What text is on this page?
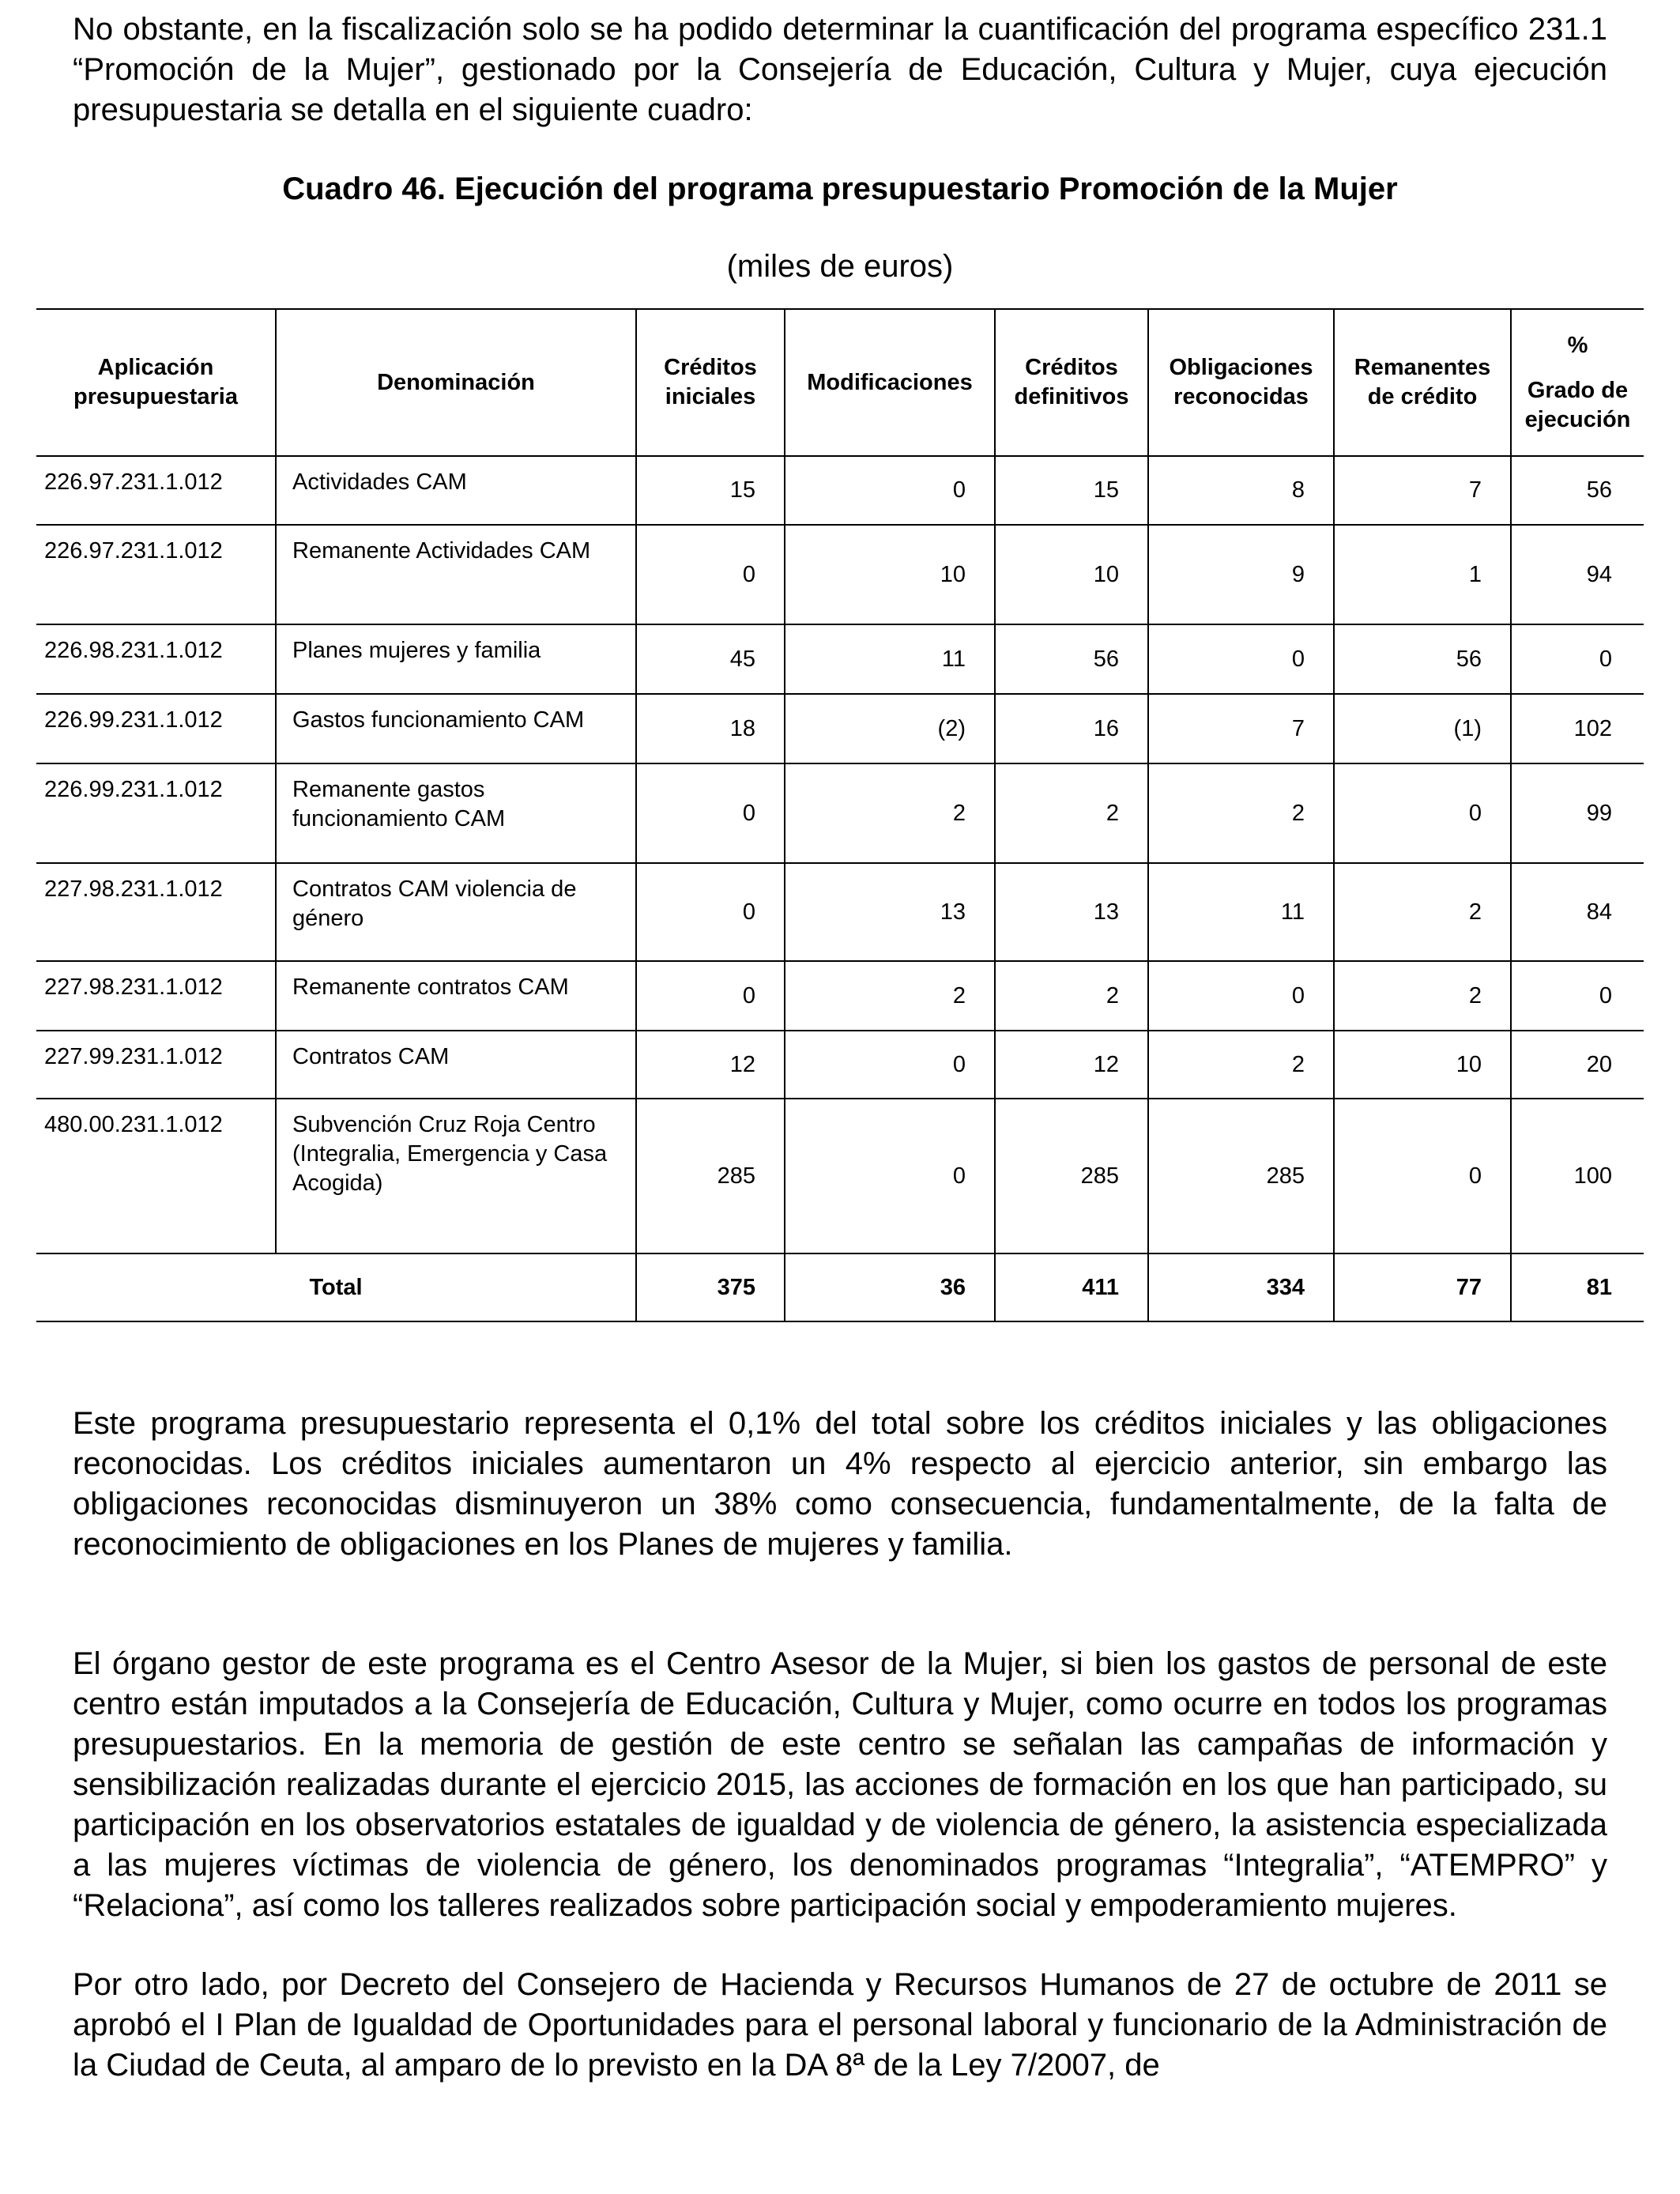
No obstante, en la fiscalización solo se ha podido determinar la cuantificación del programa específico 231.1 “Promoción de la Mujer”, gestionado por la Consejería de Educación, Cultura y Mujer, cuya ejecución presupuestaria se detalla en el siguiente cuadro:

Cuadro 46. Ejecución del programa presupuestario Promoción de la Mujer

(miles de euros)

Aplicación presupuestaria	Denominación	Créditos iniciales	Modificaciones	Créditos definitivos	Obligaciones reconocidas	Remanentes de crédito	%
Grado de ejecución
226.97.231.1.012	Actividades CAM	15	0	15	8	7	56
226.97.231.1.012	Remanente Actividades CAM	0	10	10	9	1	94
226.98.231.1.012	Planes mujeres y familia	45	11	56	0	56	0
226.99.231.1.012	Gastos funcionamiento CAM	18	(2)	16	7	(1)	102
226.99.231.1.012	Remanente gastos funcionamiento CAM	0	2	2	2	0	99
227.98.231.1.012	Contratos CAM violencia de género	0	13	13	11	2	84
227.98.231.1.012	Remanente contratos CAM	0	2	2	0	2	0
227.99.231.1.012	Contratos CAM	12	0	12	2	10	20
480.00.231.1.012	Subvención Cruz Roja Centro (Integralia, Emergencia y Casa Acogida)	285	0	285	285	0	100
Total		375	36	411	334	77	81

Este programa presupuestario representa el 0,1% del total sobre los créditos iniciales y las obligaciones reconocidas. Los créditos iniciales aumentaron un 4% respecto al ejercicio anterior, sin embargo las obligaciones reconocidas disminuyeron un 38% como consecuencia, fundamentalmente, de la falta de reconocimiento de obligaciones en los Planes de mujeres y familia.

El órgano gestor de este programa es el Centro Asesor de la Mujer, si bien los gastos de personal de este centro están imputados a la Consejería de Educación, Cultura y Mujer, como ocurre en todos los programas presupuestarios. En la memoria de gestión de este centro se señalan las campañas de información y sensibilización realizadas durante el ejercicio 2015, las acciones de formación en los que han participado, su participación en los observatorios estatales de igualdad y de violencia de género, la asistencia especializada a las mujeres víctimas de violencia de género, los denominados programas “Integralia”, “ATEMPRO” y “Relaciona”, así como los talleres realizados sobre participación social y empoderamiento mujeres.

Por otro lado, por Decreto del Consejero de Hacienda y Recursos Humanos de 27 de octubre de 2011 se aprobó el I Plan de Igualdad de Oportunidades para el personal laboral y funcionario de la Administración de la Ciudad de Ceuta, al amparo de lo previsto en la DA 8ª de la Ley 7/2007, de
